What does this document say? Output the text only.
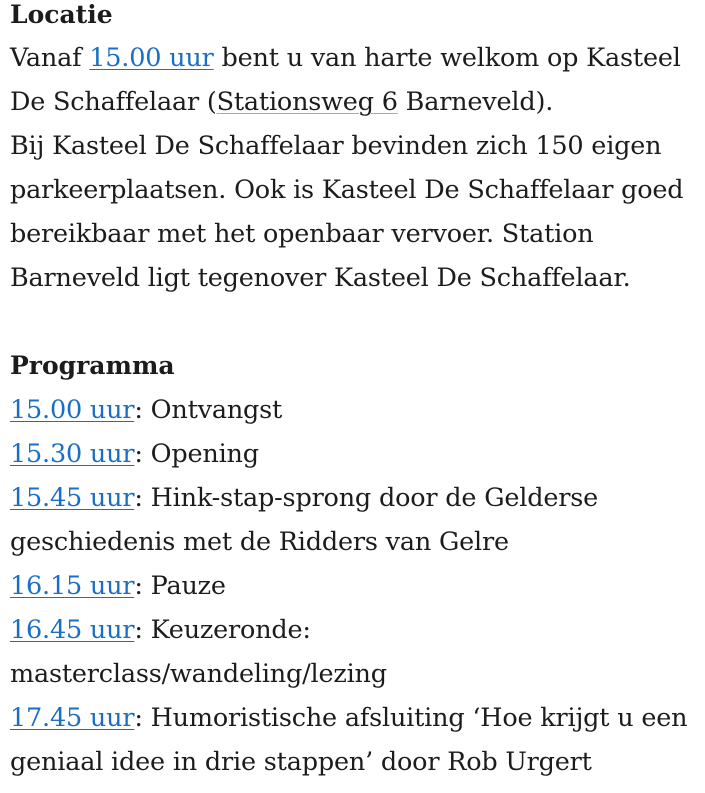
Locatie

Vanaf 15.00 uur bent u van harte welkom op Kasteel De Schaffelaar (Stationsweg 6 Barneveld).

Bij Kasteel De Schaffelaar bevinden zich 150 eigen parkeerplaatsen. Ook is Kasteel De Schaffelaar goed bereikbaar met het openbaar vervoer. Station Barneveld ligt tegenover Kasteel De Schaffelaar.

Programma
15.00 uur: Ontvangst
15.30 uur: Opening
15.45 uur: Hink-stap-sprong door de Gelderse geschiedenis met de Ridders van Gelre
16.15 uur: Pauze
16.45 uur: Keuzeronde: masterclass/wandeling/lezing
17.45 uur: Humoristische afsluiting ‘Hoe krijgt u een geniaal idee in drie stappen’ door Rob Urgert
